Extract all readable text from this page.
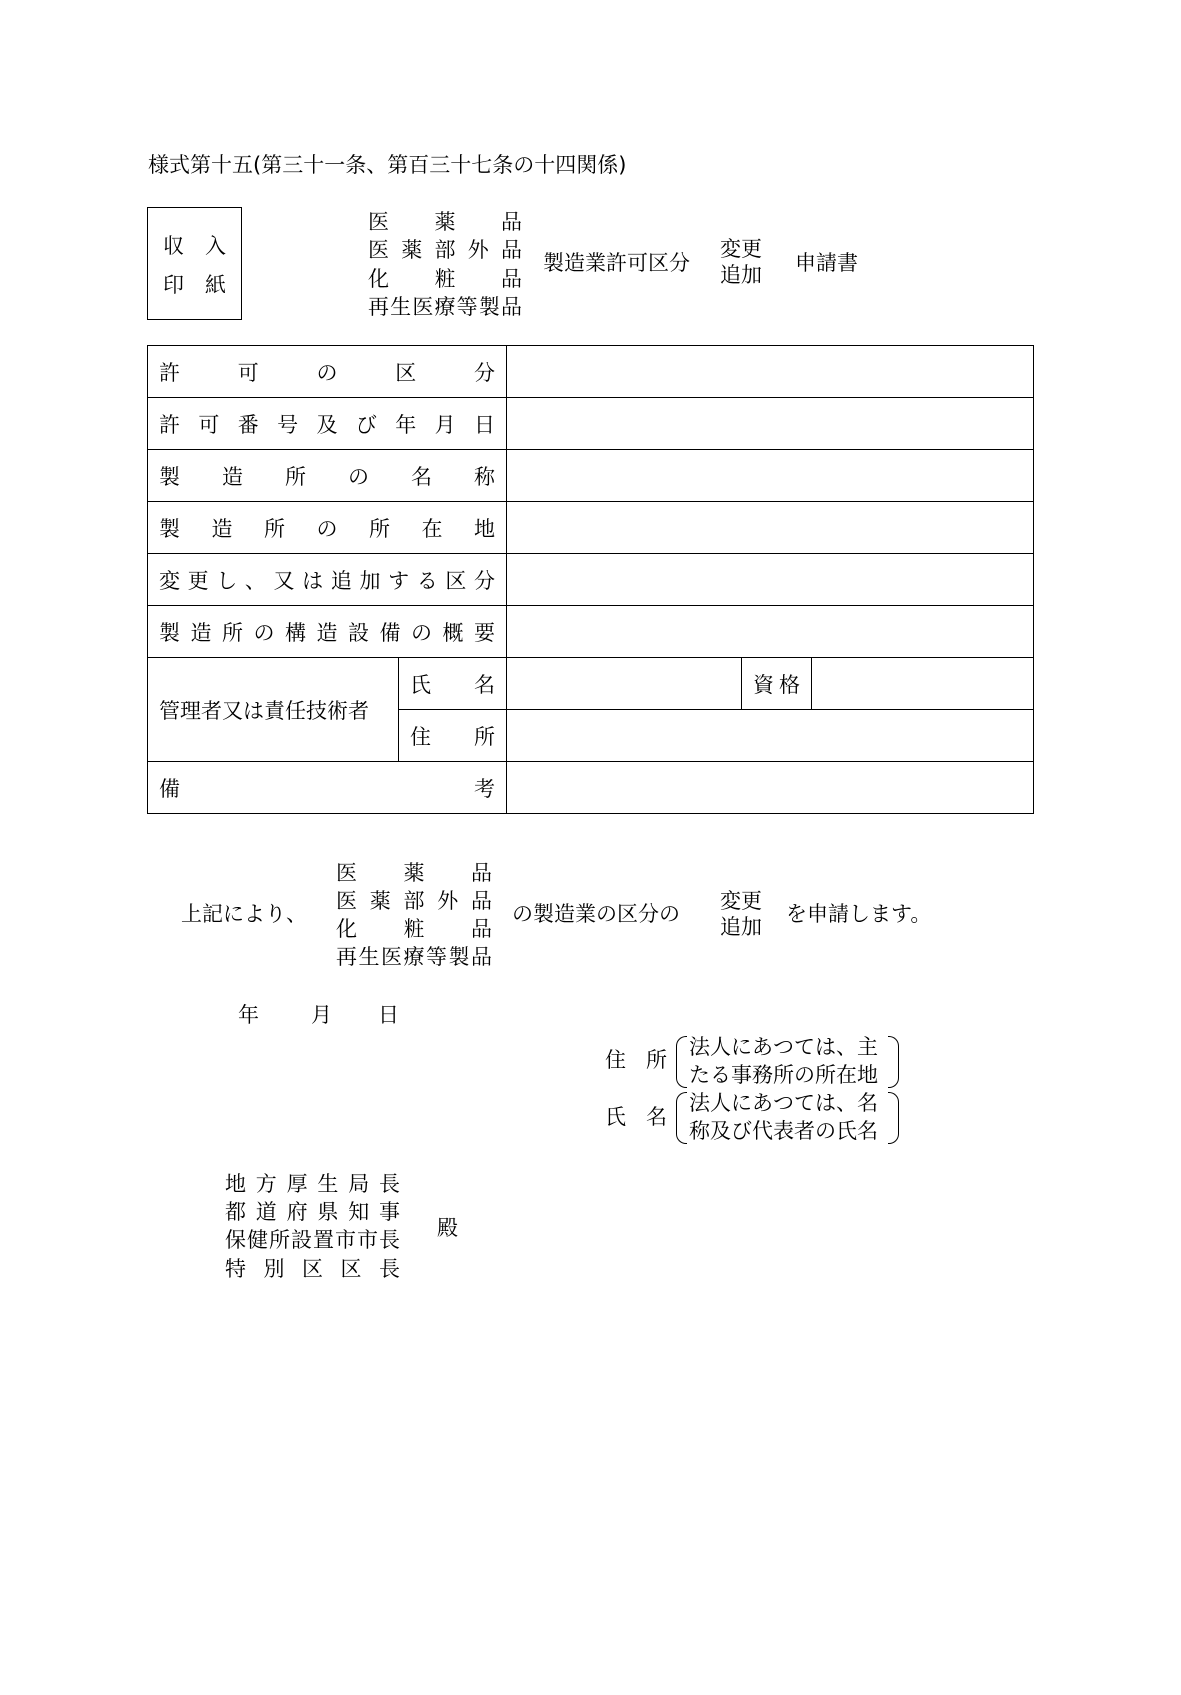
様式第十五(第三十一条、第百三十七条の十四関係)
収　入
印　紙
医薬品
医薬部外品
化粧品
再生医療等製品
製造業許可区分
変更
追加 申請書
許可の区分				
許可番号及び年月日				
製造所の名称				
製造所の所在地				
変更し、又は追加する区分				
製造所の構造設備の概要				
管理者又は責任技術者	氏名		資格	
	住所			
備考				
上記により、
医薬品
医薬部外品
化粧品
再生医療等製品
の製造業の区分の
変更
追加
を申請します。
年 月 日
住所
法人にあつては、主
たる事務所の所在地
氏名
法人にあつては、名
称及び代表者の氏名
地方厚生局長
都道府県知事
保健所設置市市長
特別区区長
殿
